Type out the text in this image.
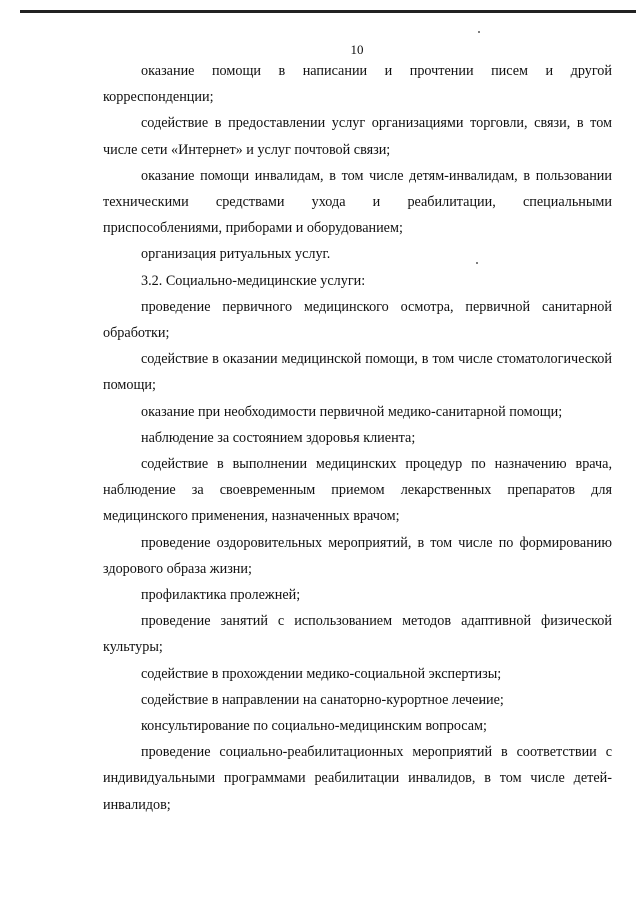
10

оказание помощи в написании и прочтении писем и другой корреспонденции;

содействие в предоставлении услуг организациями торговли, связи, в том числе сети «Интернет» и услуг почтовой связи;

оказание помощи инвалидам, в том числе детям-инвалидам, в пользовании техническими средствами ухода и реабилитации, специальными приспособлениями, приборами и оборудованием;

организация ритуальных услуг.

3.2. Социально-медицинские услуги:

проведение первичного медицинского осмотра, первичной санитарной обработки;

содействие в оказании медицинской помощи, в том числе стоматологической помощи;

оказание при необходимости первичной медико-санитарной помощи;

наблюдение за состоянием здоровья клиента;

содействие в выполнении медицинских процедур по назначению врача, наблюдение за своевременным приемом лекарственных препаратов для медицинского применения, назначенных врачом;

проведение оздоровительных мероприятий, в том числе по формированию здорового образа жизни;

профилактика пролежней;

проведение занятий с использованием методов адаптивной физической культуры;

содействие в прохождении медико-социальной экспертизы;

содействие в направлении на санаторно-курортное лечение;

консультирование по социально-медицинским вопросам;

проведение социально-реабилитационных мероприятий в соответствии с индивидуальными программами реабилитации инвалидов, в том числе детей-инвалидов;
